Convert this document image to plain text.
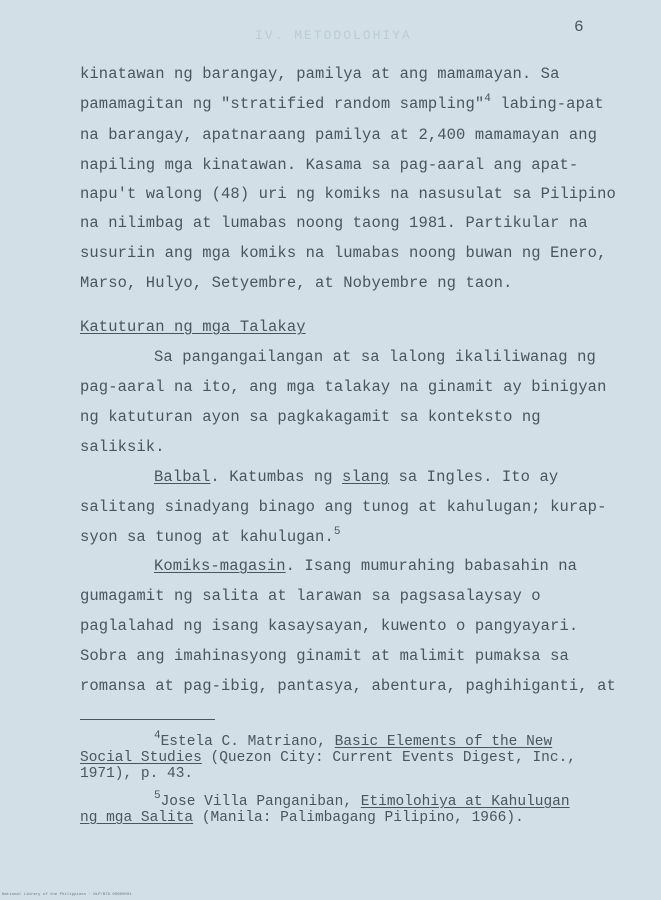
IV. METODOLOHIYA	6
kinatawan ng barangay, pamilya at ang mamamayan. Sa
pamamagitan ng "stratified random sampling"$^4$ labing-apat
na barangay, apatnaraang pamilya at 2,400 mamamayan ang
napiling mga kinatawan. Kasama sa pag-aaral ang apat-
napu't walong (48) uri ng komiks na nasusulat sa Pilipino
na nilimbag at lumabas noong taong 1981. Partikular na
susuriin ang mga komiks na lumabas noong buwan ng Enero,
Marso, Hulyo, Setyembre, at Nobyembre ng taon.
Katuturan ng mga Talakay
Sa pangangailangan at sa lalong ikaliliwanag ng
pag-aaral na ito, ang mga talakay na ginamit ay binigyan
ng katuturan ayon sa pagkakagamit sa konteksto ng
saliksik.
Balbal. Katumbas ng slang sa Ingles. Ito ay
salitang sinadyang binago ang tunog at kahulugan; kurap-
syon sa tunog at kahulugan.$^5$
Komiks-magasin. Isang mumurahing babasahin na
gumagamit ng salita at larawan sa pagsasalaysay o
paglalahad ng isang kasaysayan, kuwento o pangyayari.
Sobra ang imahinasyong ginamit at malimit pumaksa sa
romansa at pag-ibig, pantasya, abentura, paghihiganti, at
$^4$Estela C. Matriano, Basic Elements of the New
Social Studies (Quezon City: Current Events Digest, Inc.,
1971), p. 43.
$^5$Jose Villa Panganiban, Etimolohiya at Kahulugan
ng mga Salita (Manila: Palimbagang Pilipino, 1966).
National Library of the Philippines · NLP/B78 00000001
